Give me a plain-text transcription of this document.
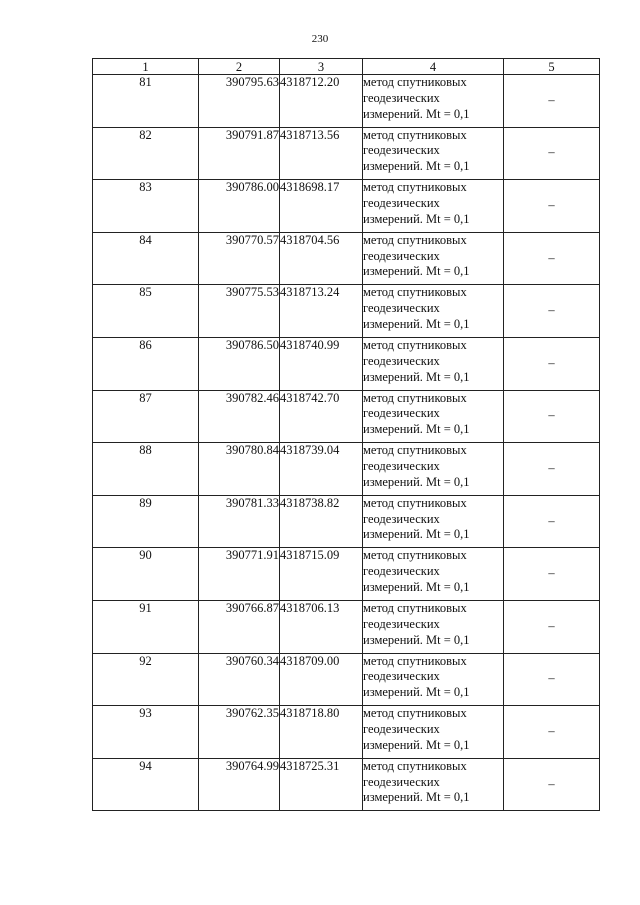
230
1	2	3	4	5
81	390795.63	4318712.20	метод спутниковых
геодезических
измерений. Mt = 0,1	–
82	390791.87	4318713.56	метод спутниковых
геодезических
измерений. Mt = 0,1	–
83	390786.00	4318698.17	метод спутниковых
геодезических
измерений. Mt = 0,1	–
84	390770.57	4318704.56	метод спутниковых
геодезических
измерений. Mt = 0,1	–
85	390775.53	4318713.24	метод спутниковых
геодезических
измерений. Mt = 0,1	–
86	390786.50	4318740.99	метод спутниковых
геодезических
измерений. Mt = 0,1	–
87	390782.46	4318742.70	метод спутниковых
геодезических
измерений. Mt = 0,1	–
88	390780.84	4318739.04	метод спутниковых
геодезических
измерений. Mt = 0,1	–
89	390781.33	4318738.82	метод спутниковых
геодезических
измерений. Mt = 0,1	–
90	390771.91	4318715.09	метод спутниковых
геодезических
измерений. Mt = 0,1	–
91	390766.87	4318706.13	метод спутниковых
геодезических
измерений. Mt = 0,1	–
92	390760.34	4318709.00	метод спутниковых
геодезических
измерений. Mt = 0,1	–
93	390762.35	4318718.80	метод спутниковых
геодезических
измерений. Mt = 0,1	–
94	390764.99	4318725.31	метод спутниковых
геодезических
измерений. Mt = 0,1	–
